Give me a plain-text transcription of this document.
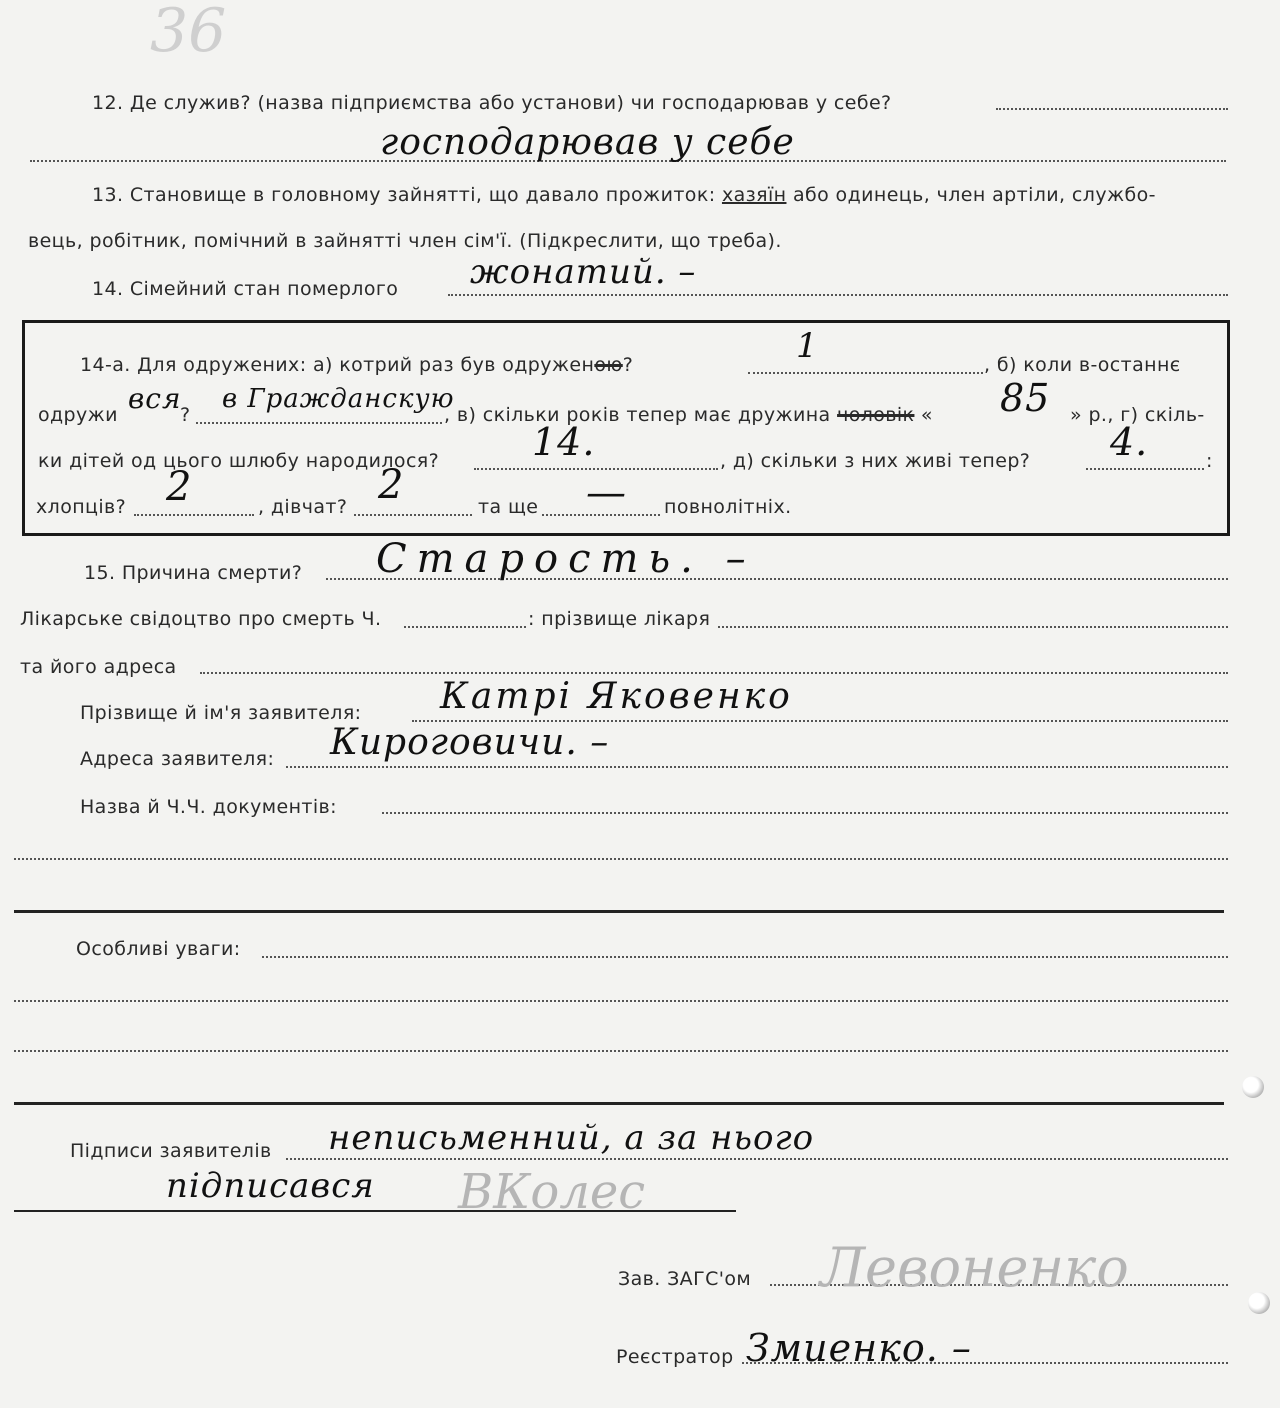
36
12. Де служив? (назва підприємства або установи) чи господарював у себе?
господарював у себе
13. Становище в головному зайнятті, що давало прожиток: хазяїн або одинець, член артіли, службо-
вець, робітник, помічний в зайнятті член сім'ї. (Підкреслити, що треба).
14. Сімейний стан померлого жонатий. –
14-а. Для одружених: а) котрий раз був одруженою?	1	, б) коли в-останнє
одружи вся
?
в Гражданскую
, в) скільки років тепер має дружина чоловік « 85 » р., г) скіль-
ки дітей од цього шлюбу народилося? 14.	, д) скільки з них живі тепер? 4.	:
хлопців? 2	, дівчат? 2	та ще — повнолітніх.
15. Причина смерти? Старость. –
Лікарське свідоцтво про смерть Ч.	: прізвище лікаря
та його адреса
Прізвище й ім'я заявителя: Катрі Яковенко
Адреса заявителя: Кироговичи. –
Назва й Ч.Ч. документів:
Особливі уваги:
Підписи заявителів неписьменний, а за нього
підписався ВКолес
Зав. ЗАГС'ом Левоненко
Реєстратор Змиенко. –
